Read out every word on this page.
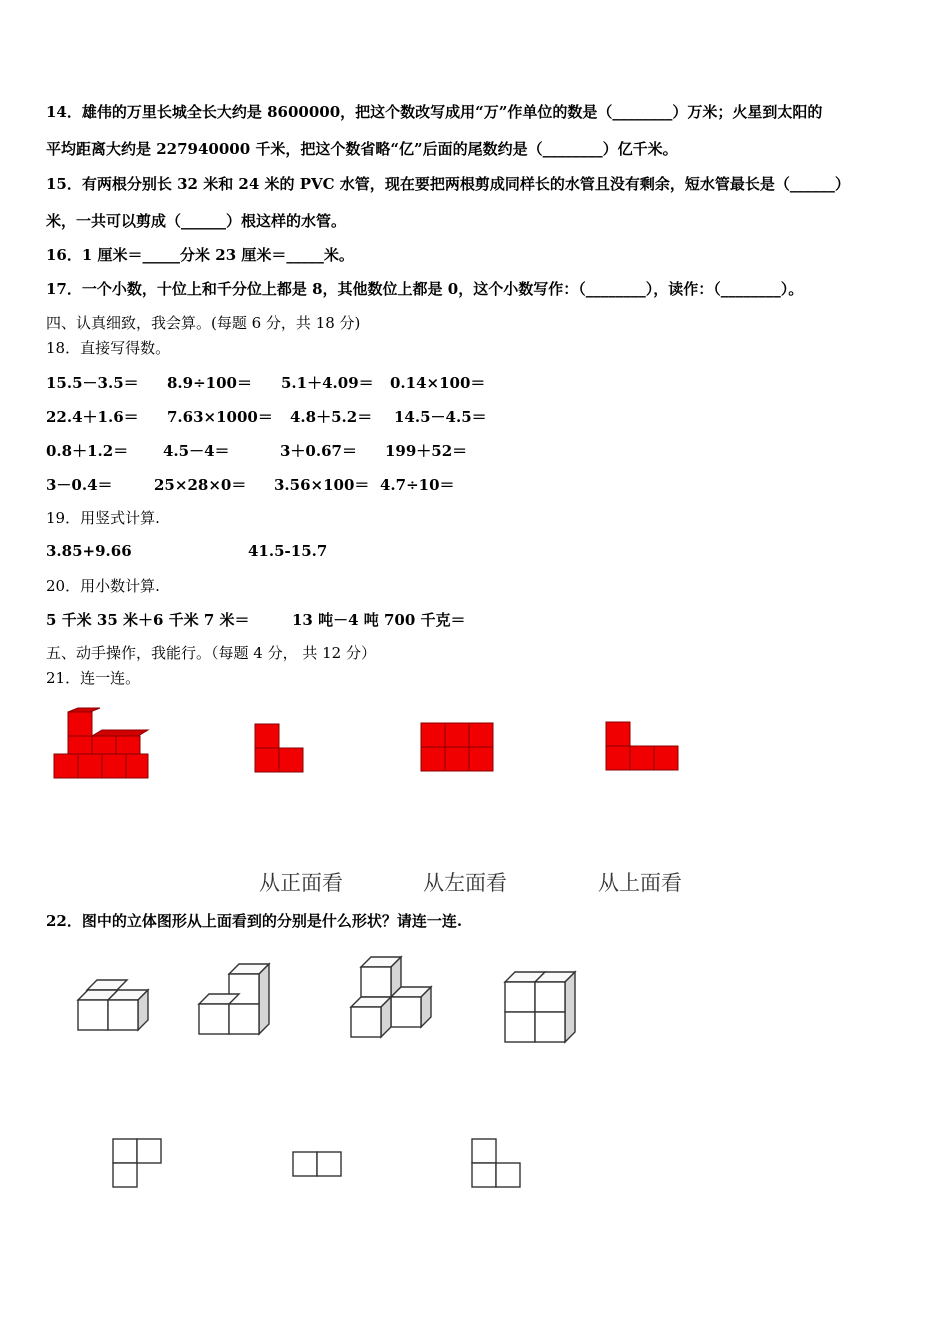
14．雄伟的万里长城全长大约是 8600000，把这个数改写成用“万”作单位的数是（________）万米；火星到太阳的
平均距离大约是 227940000 千米，把这个数省略“亿”后面的尾数约是（________）亿千米。
15．有两根分别长 32 米和 24 米的 PVC 水管，现在要把两根剪成同样长的水管且没有剩余，短水管最长是（______）
米，一共可以剪成（______）根这样的水管。
16．1 厘米＝_____分米 23 厘米＝_____米。
17．一个小数，十位上和千分位上都是 8，其他数位上都是 0，这个小数写作：（________），读作：（________）。
四、认真细致，我会算。(每题 6 分，共 18 分)
18．直接写得数。
15.5－3.5＝ 8.9÷100＝ 5.1＋4.09＝ 0.14×100＝
22.4＋1.6＝ 7.63×1000＝ 4.8＋5.2＝ 14.5－4.5＝
0.8＋1.2＝ 4.5－4＝	3＋0.67＝ 199＋52＝
3－0.4＝	25×28×0＝ 3.56×100＝ 4.7÷10＝
19．用竖式计算.
3.85+9.66	41.5-15.7
20．用小数计算.
5 千米 35 米＋6 千米 7 米＝	13 吨－4 吨 700 千克＝
五、动手操作，我能行。（每题 4 分， 共 12 分）
21．连一连。
从正面看	从左面看	从上面看
22．图中的立体图形从上面看到的分别是什么形状？请连一连.
